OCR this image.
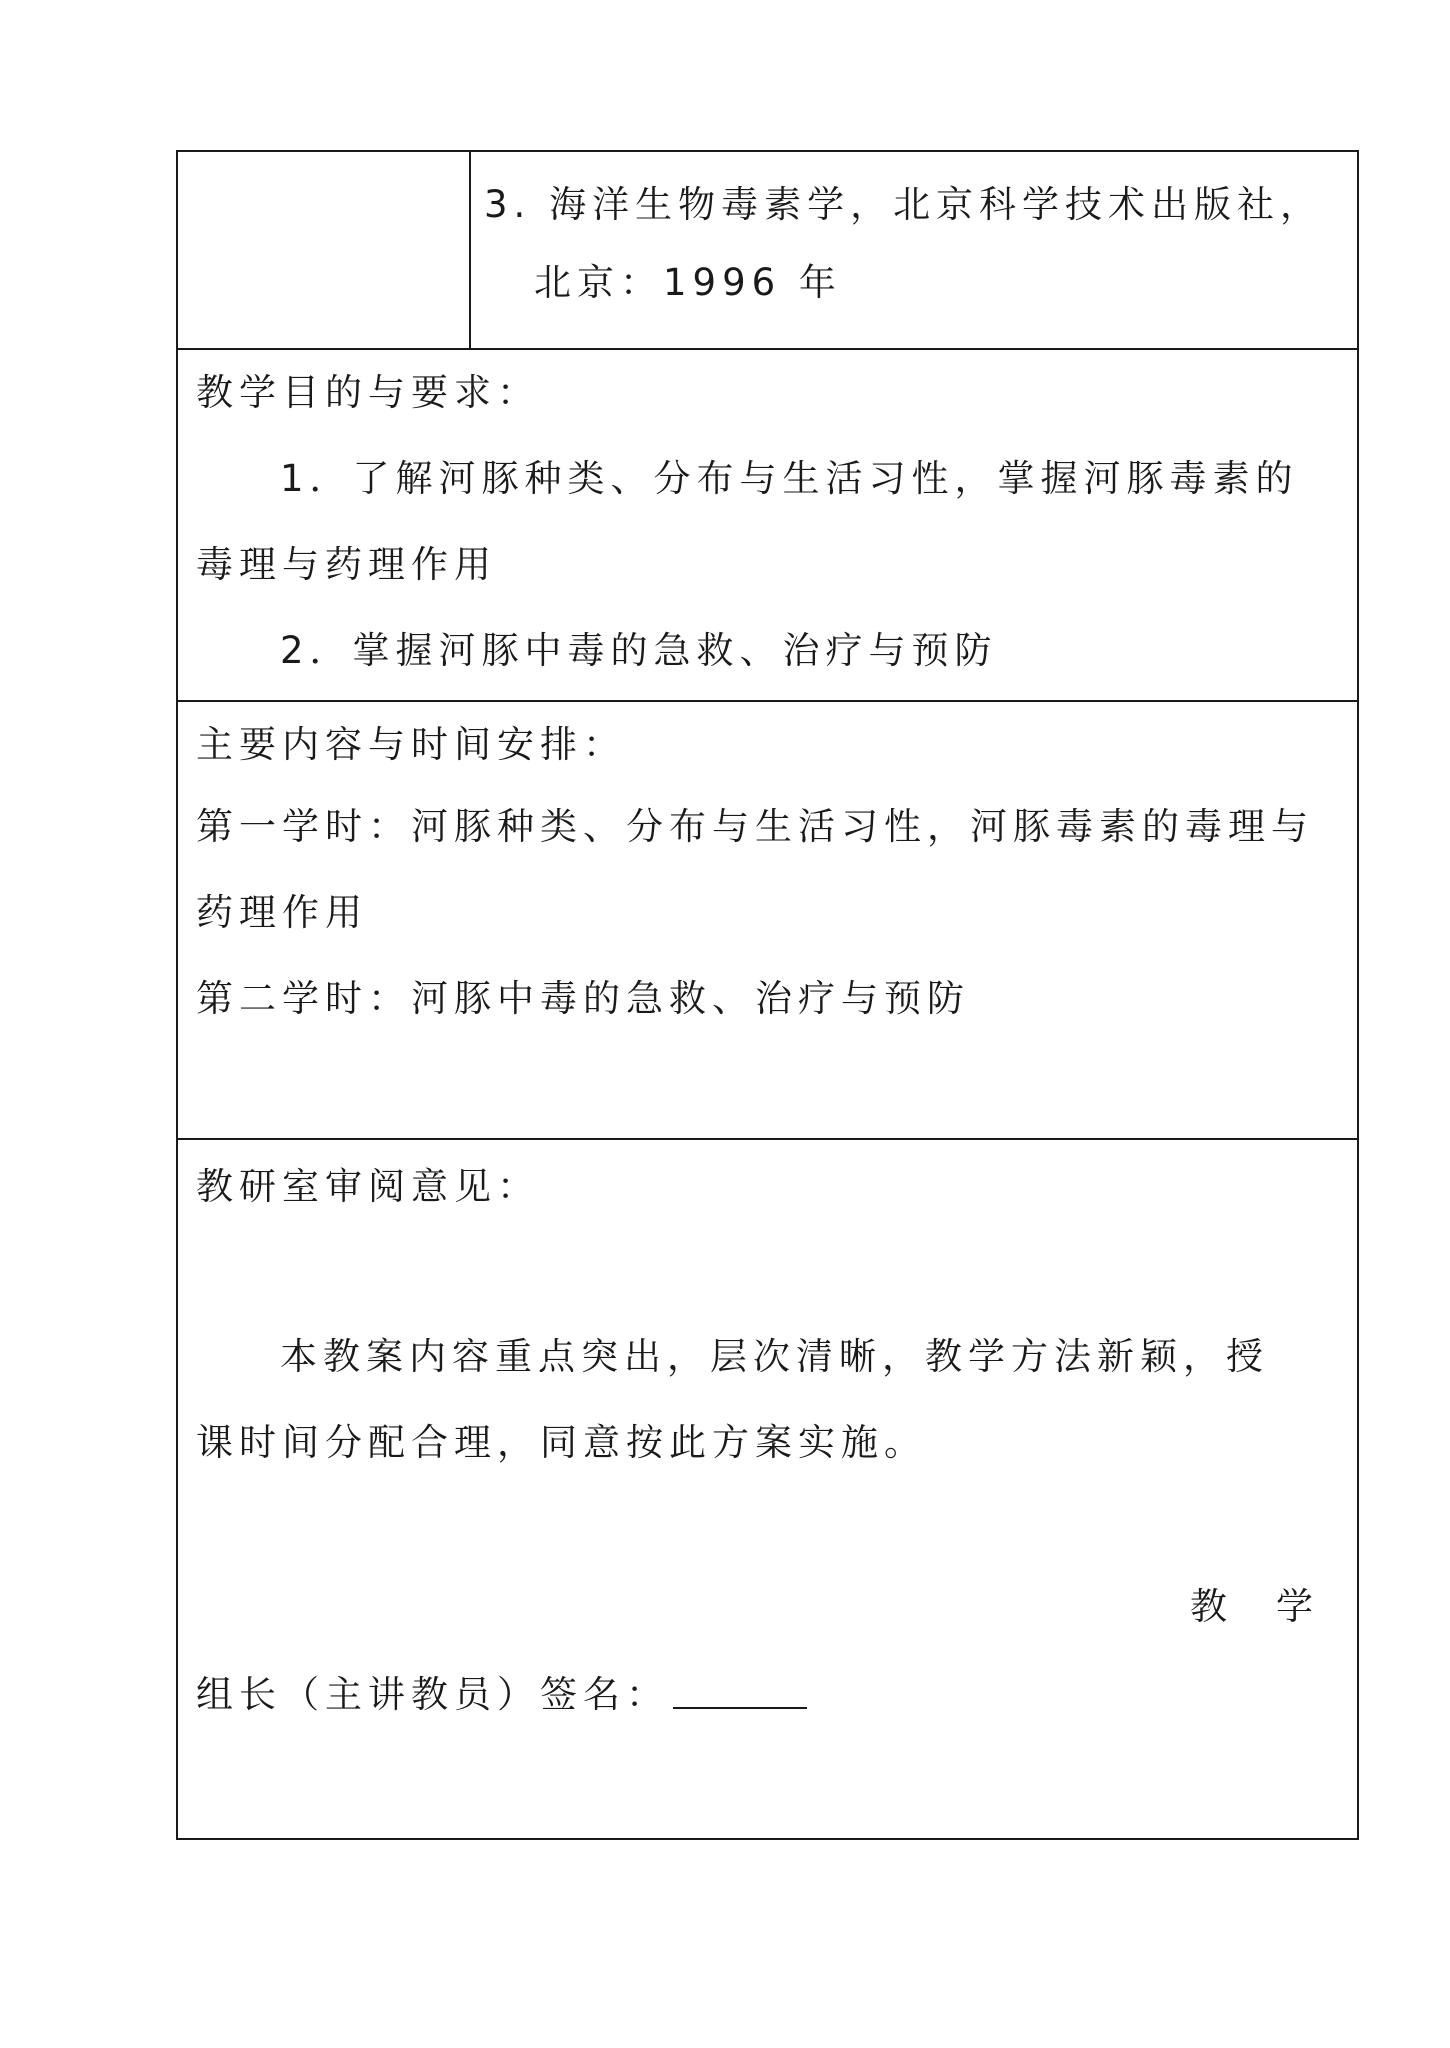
3. 海洋生物毒素学，北京科学技术出版社，
北京：1996 年
教学目的与要求：
1．了解河豚种类、分布与生活习性，掌握河豚毒素的
毒理与药理作用
2．掌握河豚中毒的急救、治疗与预防
主要内容与时间安排：
第一学时：河豚种类、分布与生活习性，河豚毒素的毒理与
药理作用
第二学时：河豚中毒的急救、治疗与预防
教研室审阅意见：
本教案内容重点突出，层次清晰，教学方法新颖，授
课时间分配合理，同意按此方案实施。
教　学
组长（主讲教员）签名：
